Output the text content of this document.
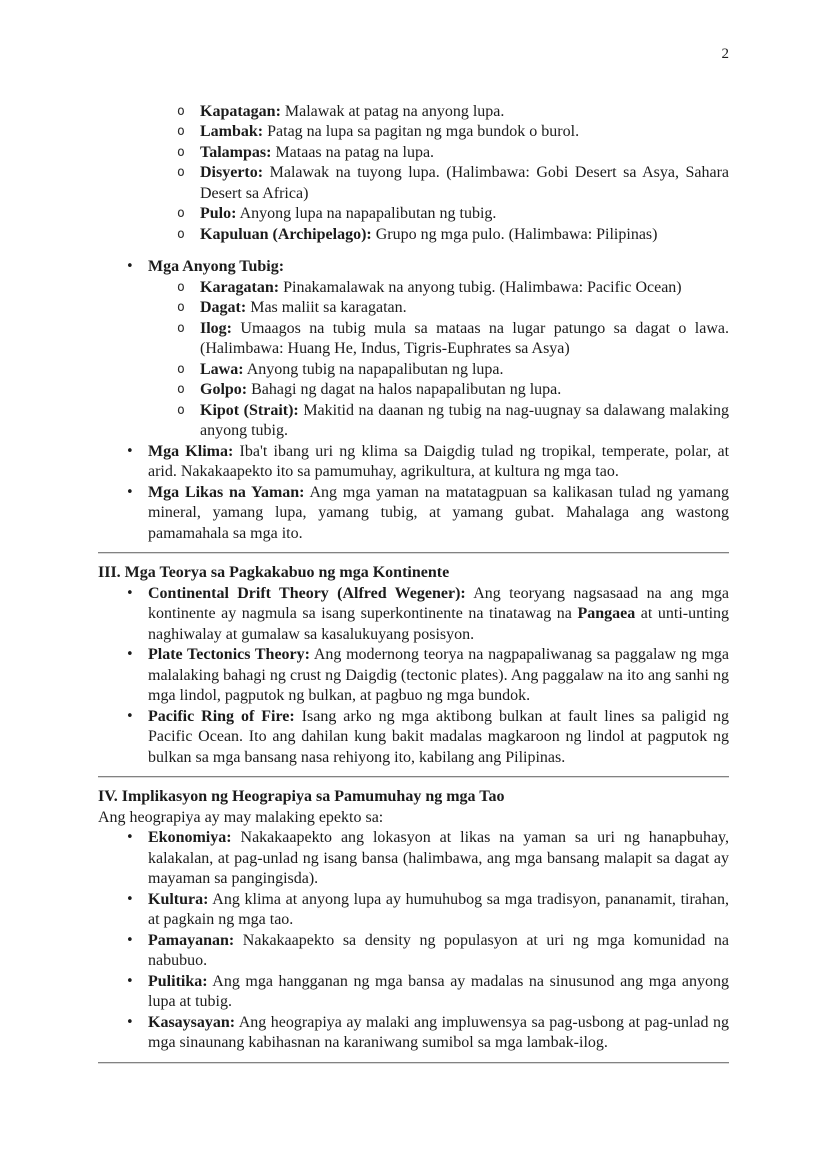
2
o Kapatagan: Malawak at patag na anyong lupa.
o Lambak: Patag na lupa sa pagitan ng mga bundok o burol.
o Talampas: Mataas na patag na lupa.
o Disyerto: Malawak na tuyong lupa. (Halimbawa: Gobi Desert sa Asya, Sahara Desert sa Africa)
o Pulo: Anyong lupa na napapalibutan ng tubig.
o Kapuluan (Archipelago): Grupo ng mga pulo. (Halimbawa: Pilipinas)
• Mga Anyong Tubig:
o Karagatan: Pinakamalawak na anyong tubig. (Halimbawa: Pacific Ocean)
o Dagat: Mas maliit sa karagatan.
o Ilog: Umaagos na tubig mula sa mataas na lugar patungo sa dagat o lawa. (Halimbawa: Huang He, Indus, Tigris-Euphrates sa Asya)
o Lawa: Anyong tubig na napapalibutan ng lupa.
o Golpo: Bahagi ng dagat na halos napapalibutan ng lupa.
o Kipot (Strait): Makitid na daanan ng tubig na nag-uugnay sa dalawang malaking anyong tubig.
• Mga Klima: Iba't ibang uri ng klima sa Daigdig tulad ng tropikal, temperate, polar, at arid. Nakakaapekto ito sa pamumuhay, agrikultura, at kultura ng mga tao.
• Mga Likas na Yaman: Ang mga yaman na matatagpuan sa kalikasan tulad ng yamang mineral, yamang lupa, yamang tubig, at yamang gubat. Mahalaga ang wastong pamamahala sa mga ito.
III. Mga Teorya sa Pagkakabuo ng mga Kontinente
• Continental Drift Theory (Alfred Wegener): Ang teoryang nagsasaad na ang mga kontinente ay nagmula sa isang superkontinente na tinatawag na Pangaea at unti-unting naghiwalay at gumalaw sa kasalukuyang posisyon.
• Plate Tectonics Theory: Ang modernong teorya na nagpapaliwanag sa paggalaw ng mga malalaking bahagi ng crust ng Daigdig (tectonic plates). Ang paggalaw na ito ang sanhi ng mga lindol, pagputok ng bulkan, at pagbuo ng mga bundok.
• Pacific Ring of Fire: Isang arko ng mga aktibong bulkan at fault lines sa paligid ng Pacific Ocean. Ito ang dahilan kung bakit madalas magkaroon ng lindol at pagputok ng bulkan sa mga bansang nasa rehiyong ito, kabilang ang Pilipinas.
IV. Implikasyon ng Heograpiya sa Pamumuhay ng mga Tao
Ang heograpiya ay may malaking epekto sa:
• Ekonomiya: Nakakaapekto ang lokasyon at likas na yaman sa uri ng hanapbuhay, kalakalan, at pag-unlad ng isang bansa (halimbawa, ang mga bansang malapit sa dagat ay mayaman sa pangingisda).
• Kultura: Ang klima at anyong lupa ay humuhubog sa mga tradisyon, pananamit, tirahan, at pagkain ng mga tao.
• Pamayanan: Nakakaapekto sa density ng populasyon at uri ng mga komunidad na nabubuo.
• Pulitika: Ang mga hangganan ng mga bansa ay madalas na sinusunod ang mga anyong lupa at tubig.
• Kasaysayan: Ang heograpiya ay malaki ang impluwensya sa pag-usbong at pag-unlad ng mga sinaunang kabihasnan na karaniwang sumibol sa mga lambak-ilog.
